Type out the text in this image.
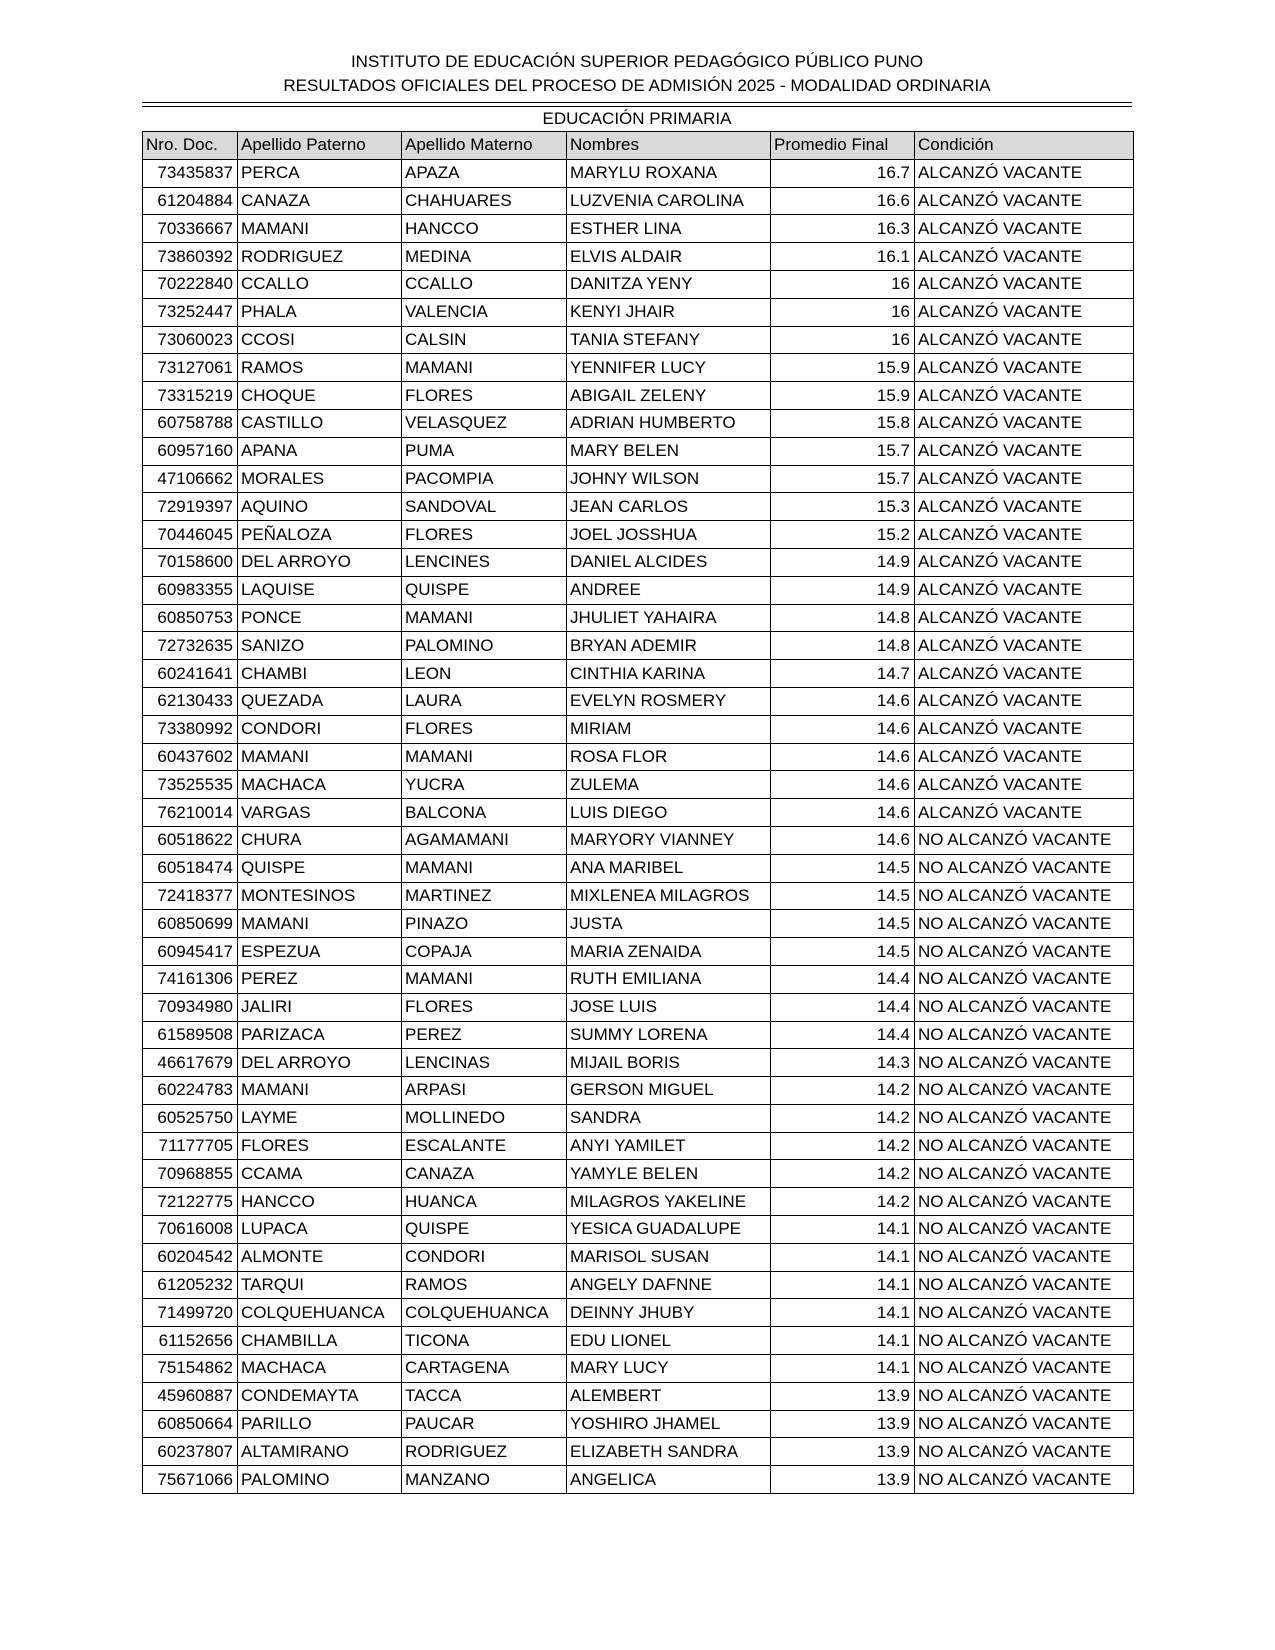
INSTITUTO DE EDUCACIÓN SUPERIOR PEDAGÓGICO PÚBLICO PUNO
RESULTADOS OFICIALES DEL PROCESO DE ADMISIÓN 2025 - MODALIDAD ORDINARIA
EDUCACIÓN PRIMARIA
Nro. Doc.	Apellido Paterno	Apellido Materno	Nombres	Promedio Final	Condición
73435837	PERCA	APAZA	MARYLU ROXANA	16.7	ALCANZÓ VACANTE
61204884	CANAZA	CHAHUARES	LUZVENIA CAROLINA	16.6	ALCANZÓ VACANTE
70336667	MAMANI	HANCCO	ESTHER LINA	16.3	ALCANZÓ VACANTE
73860392	RODRIGUEZ	MEDINA	ELVIS ALDAIR	16.1	ALCANZÓ VACANTE
70222840	CCALLO	CCALLO	DANITZA YENY	16	ALCANZÓ VACANTE
73252447	PHALA	VALENCIA	KENYI JHAIR	16	ALCANZÓ VACANTE
73060023	CCOSI	CALSIN	TANIA STEFANY	16	ALCANZÓ VACANTE
73127061	RAMOS	MAMANI	YENNIFER LUCY	15.9	ALCANZÓ VACANTE
73315219	CHOQUE	FLORES	ABIGAIL ZELENY	15.9	ALCANZÓ VACANTE
60758788	CASTILLO	VELASQUEZ	ADRIAN HUMBERTO	15.8	ALCANZÓ VACANTE
60957160	APANA	PUMA	MARY BELEN	15.7	ALCANZÓ VACANTE
47106662	MORALES	PACOMPIA	JOHNY WILSON	15.7	ALCANZÓ VACANTE
72919397	AQUINO	SANDOVAL	JEAN CARLOS	15.3	ALCANZÓ VACANTE
70446045	PEÑALOZA	FLORES	JOEL JOSSHUA	15.2	ALCANZÓ VACANTE
70158600	DEL ARROYO	LENCINES	DANIEL ALCIDES	14.9	ALCANZÓ VACANTE
60983355	LAQUISE	QUISPE	ANDREE	14.9	ALCANZÓ VACANTE
60850753	PONCE	MAMANI	JHULIET YAHAIRA	14.8	ALCANZÓ VACANTE
72732635	SANIZO	PALOMINO	BRYAN ADEMIR	14.8	ALCANZÓ VACANTE
60241641	CHAMBI	LEON	CINTHIA KARINA	14.7	ALCANZÓ VACANTE
62130433	QUEZADA	LAURA	EVELYN ROSMERY	14.6	ALCANZÓ VACANTE
73380992	CONDORI	FLORES	MIRIAM	14.6	ALCANZÓ VACANTE
60437602	MAMANI	MAMANI	ROSA FLOR	14.6	ALCANZÓ VACANTE
73525535	MACHACA	YUCRA	ZULEMA	14.6	ALCANZÓ VACANTE
76210014	VARGAS	BALCONA	LUIS DIEGO	14.6	ALCANZÓ VACANTE
60518622	CHURA	AGAMAMANI	MARYORY VIANNEY	14.6	NO ALCANZÓ VACANTE
60518474	QUISPE	MAMANI	ANA MARIBEL	14.5	NO ALCANZÓ VACANTE
72418377	MONTESINOS	MARTINEZ	MIXLENEA MILAGROS	14.5	NO ALCANZÓ VACANTE
60850699	MAMANI	PINAZO	JUSTA	14.5	NO ALCANZÓ VACANTE
60945417	ESPEZUA	COPAJA	MARIA ZENAIDA	14.5	NO ALCANZÓ VACANTE
74161306	PEREZ	MAMANI	RUTH EMILIANA	14.4	NO ALCANZÓ VACANTE
70934980	JALIRI	FLORES	JOSE LUIS	14.4	NO ALCANZÓ VACANTE
61589508	PARIZACA	PEREZ	SUMMY LORENA	14.4	NO ALCANZÓ VACANTE
46617679	DEL ARROYO	LENCINAS	MIJAIL BORIS	14.3	NO ALCANZÓ VACANTE
60224783	MAMANI	ARPASI	GERSON MIGUEL	14.2	NO ALCANZÓ VACANTE
60525750	LAYME	MOLLINEDO	SANDRA	14.2	NO ALCANZÓ VACANTE
71177705	FLORES	ESCALANTE	ANYI YAMILET	14.2	NO ALCANZÓ VACANTE
70968855	CCAMA	CANAZA	YAMYLE BELEN	14.2	NO ALCANZÓ VACANTE
72122775	HANCCO	HUANCA	MILAGROS YAKELINE	14.2	NO ALCANZÓ VACANTE
70616008	LUPACA	QUISPE	YESICA GUADALUPE	14.1	NO ALCANZÓ VACANTE
60204542	ALMONTE	CONDORI	MARISOL SUSAN	14.1	NO ALCANZÓ VACANTE
61205232	TARQUI	RAMOS	ANGELY DAFNNE	14.1	NO ALCANZÓ VACANTE
71499720	COLQUEHUANCA	COLQUEHUANCA	DEINNY JHUBY	14.1	NO ALCANZÓ VACANTE
61152656	CHAMBILLA	TICONA	EDU LIONEL	14.1	NO ALCANZÓ VACANTE
75154862	MACHACA	CARTAGENA	MARY LUCY	14.1	NO ALCANZÓ VACANTE
45960887	CONDEMAYTA	TACCA	ALEMBERT	13.9	NO ALCANZÓ VACANTE
60850664	PARILLO	PAUCAR	YOSHIRO JHAMEL	13.9	NO ALCANZÓ VACANTE
60237807	ALTAMIRANO	RODRIGUEZ	ELIZABETH SANDRA	13.9	NO ALCANZÓ VACANTE
75671066	PALOMINO	MANZANO	ANGELICA	13.9	NO ALCANZÓ VACANTE
